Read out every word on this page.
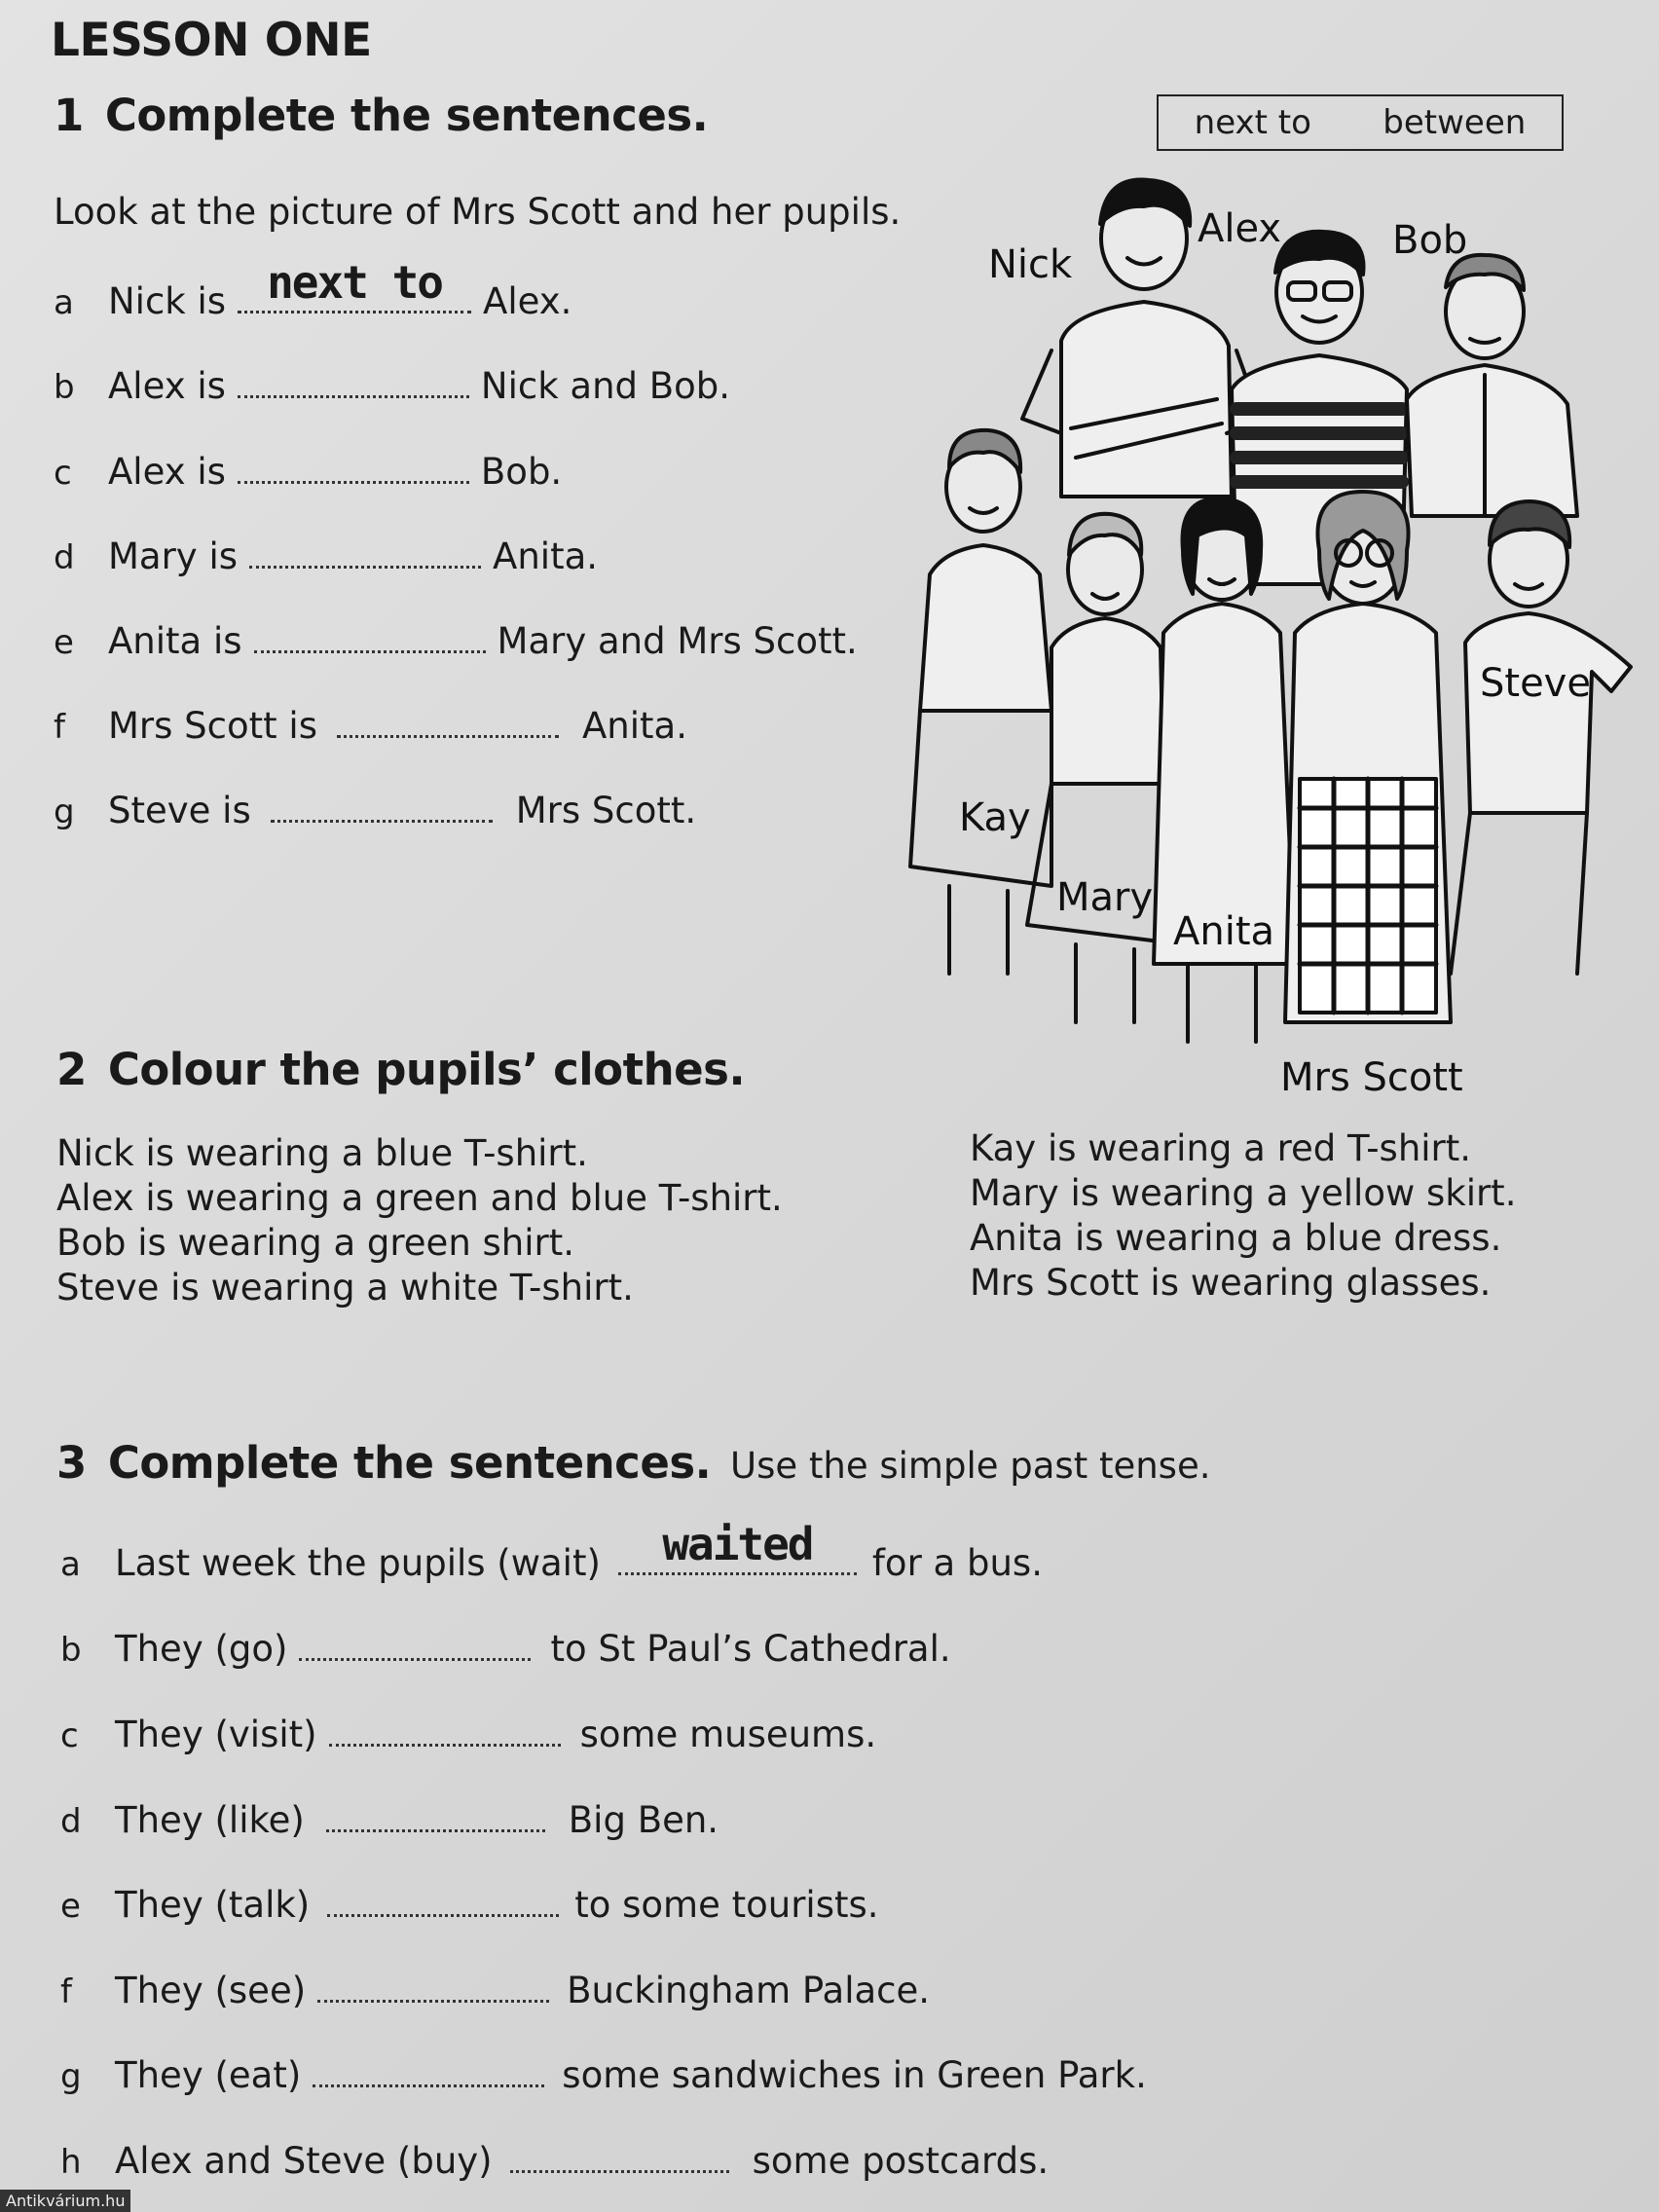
LESSON ONE
1 Complete the sentences.	next to between
Look at the picture of Mrs Scott and her pupils.
a Nick is next to	Alex.
b Alex is	Nick and Bob.
c	Alex is	Bob.
d Mary is	Anita.
e Anita is	Mary and Mrs Scott.
f	Mrs Scott is	Anita.
g Steve is	Mrs Scott.
Nick
Alex	Bob
Kay
Steve
Mary
Anita
Mrs Scott
2 Colour the pupils’ clothes.
Nick is wearing a blue T-shirt.
Alex is wearing a green and blue T-shirt.
Bob is wearing a green shirt.
Steve is wearing a white T-shirt.
Kay is wearing a red T-shirt.
Mary is wearing a yellow skirt.
Anita is wearing a blue dress.
Mrs Scott is wearing glasses.
3 Complete the sentences. Use the simple past tense.
a Last week the pupils (wait)	waited	for a bus.
b They (go)	to St Paul’s Cathedral.
c	They (visit)	some museums.
d They (like)	Big Ben.
e They (talk)	to some tourists.
f	They (see)	Buckingham Palace.
g They (eat)	some sandwiches in Green Park.
h Alex and Steve (buy)	some postcards.
Antikvárium.hu
